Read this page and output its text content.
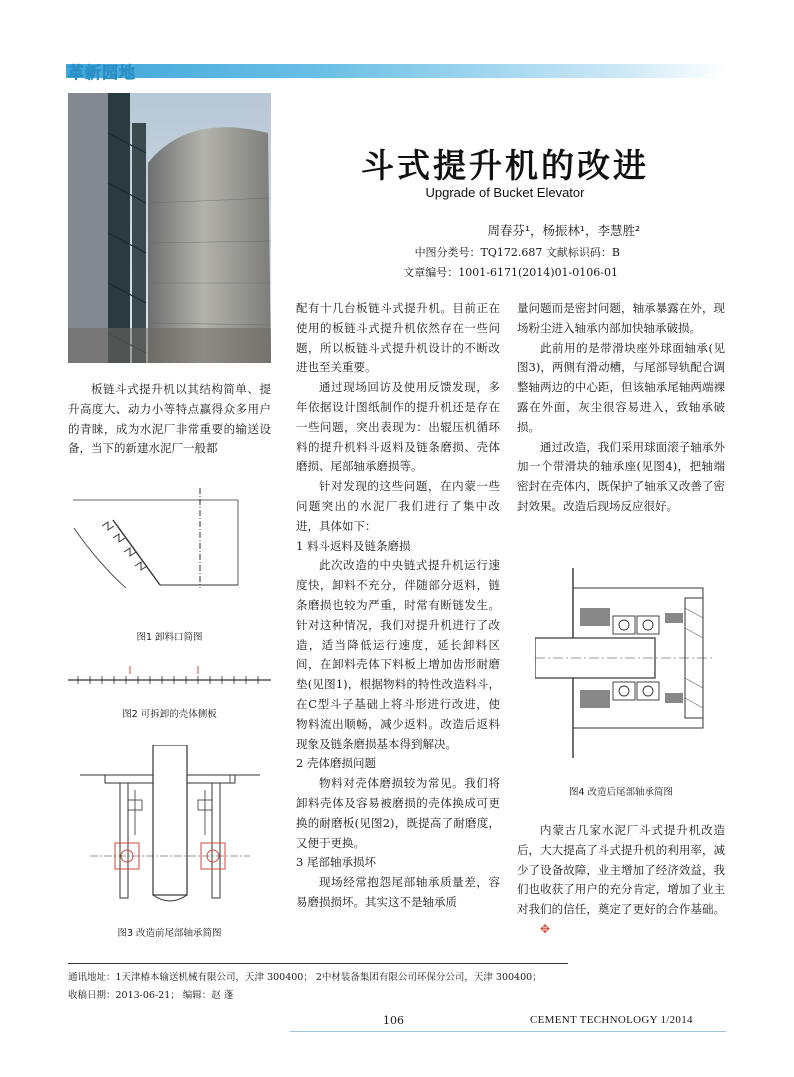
革新园地
斗式提升机的改进
Upgrade of Bucket Elevator
周春芬¹，杨振林¹，李慧胜²
中图分类号：TQ172.687 文献标识码：B
文章编号：1001-6171(2014)01-0106-01

板链斗式提升机以其结构简单、提升高度大、动力小等特点赢得众多用户的青睐，成为水泥厂非常重要的输送设备，当下的新建水泥厂一般都

图1 卸料口简图
图2 可拆卸的壳体侧板
图3 改造前尾部轴承简图

配有十几台板链斗式提升机。目前正在使用的板链斗式提升机依然存在一些问题，所以板链斗式提升机设计的不断改进也至关重要。

通过现场回访及使用反馈发现，多年依据设计图纸制作的提升机还是存在一些问题，突出表现为：出辊压机循环料的提升机料斗返料及链条磨损、壳体磨损、尾部轴承磨损等。

针对发现的这些问题，在内蒙一些问题突出的水泥厂我们进行了集中改进，具体如下：

1 料斗返料及链条磨损

此次改造的中央链式提升机运行速度快，卸料不充分，伴随部分返料，链条磨损也较为严重，时常有断链发生。针对这种情况，我们对提升机进行了改造，适当降低运行速度，延长卸料区间，在卸料壳体下料板上增加齿形耐磨垫(见图1)，根据物料的特性改造料斗，在C型斗子基础上将斗形进行改进，使物料流出顺畅，减少返料。改造后返料现象及链条磨损基本得到解决。

2 壳体磨损问题

物料对壳体磨损较为常见。我们将卸料壳体及容易被磨损的壳体换成可更换的耐磨板(见图2)，既提高了耐磨度，又便于更换。

3 尾部轴承损坏

现场经常抱怨尾部轴承质量差，容易磨损损坏。其实这不是轴承质

量问题而是密封问题，轴承暴露在外，现场粉尘进入轴承内部加快轴承破损。

此前用的是带滑块座外球面轴承(见图3)，两侧有滑动槽，与尾部导轨配合调整轴两边的中心距，但该轴承尾轴两端裸露在外面，灰尘很容易进入，致轴承破损。

通过改造，我们采用球面滚子轴承外加一个带滑块的轴承座(见图4)，把轴端密封在壳体内，既保护了轴承又改善了密封效果。改造后现场反应很好。

图4 改造后尾部轴承简图

内蒙古几家水泥厂斗式提升机改造后，大大提高了斗式提升机的利用率，减少了设备故障，业主增加了经济效益，我们也收获了用户的充分肯定，增加了业主对我们的信任，奠定了更好的合作基础。✥

通讯地址：1天津椿本输送机械有限公司，天津 300400； 2中材装备集团有限公司环保分公司，天津 300400；
收稿日期：2013-06-21； 编辑：赵 蓬
106	CEMENT TECHNOLOGY 1/2014
